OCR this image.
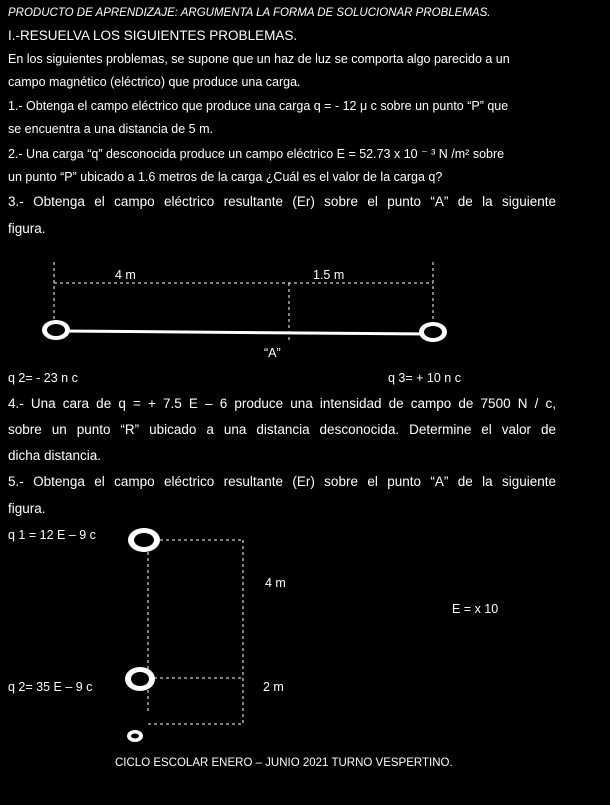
PRODUCTO DE APRENDIZAJE: ARGUMENTA LA FORMA DE SOLUCIONAR PROBLEMAS.
I.-RESUELVA LOS SIGUIENTES PROBLEMAS.
En los siguientes problemas, se supone que un haz de luz se comporta algo parecido a un
campo magnético (eléctrico) que produce una carga.
1.- Obtenga el campo eléctrico que produce una carga q = - 12 μ c sobre un punto “P” que
se encuentra a una distancia de 5 m.
2.- Una carga “q” desconocida produce un campo eléctrico E = 52.73 x 10 ⁻ ³ N /m² sobre
un punto “P” ubicado a 1.6 metros de la carga ¿Cuál es el valor de la carga q?
3.- Obtenga el campo eléctrico resultante (Er) sobre el punto “A” de la siguiente
figura.
4 m	1.5 m
“A”
q 2= - 23 n c	q 3= + 10 n c
4.- Una cara de q = + 7.5 E – 6 produce una intensidad de campo de 7500 N / c,
sobre un punto “R” ubicado a una distancia desconocida. Determine el valor de
dicha distancia.
5.- Obtenga el campo eléctrico resultante (Er) sobre el punto “A” de la siguiente
figura.
q 1 = 12 E – 9 c
4 m
E = x 10
q 2= 35 E – 9 c	2 m
CICLO ESCOLAR ENERO – JUNIO 2021 TURNO VESPERTINO.
